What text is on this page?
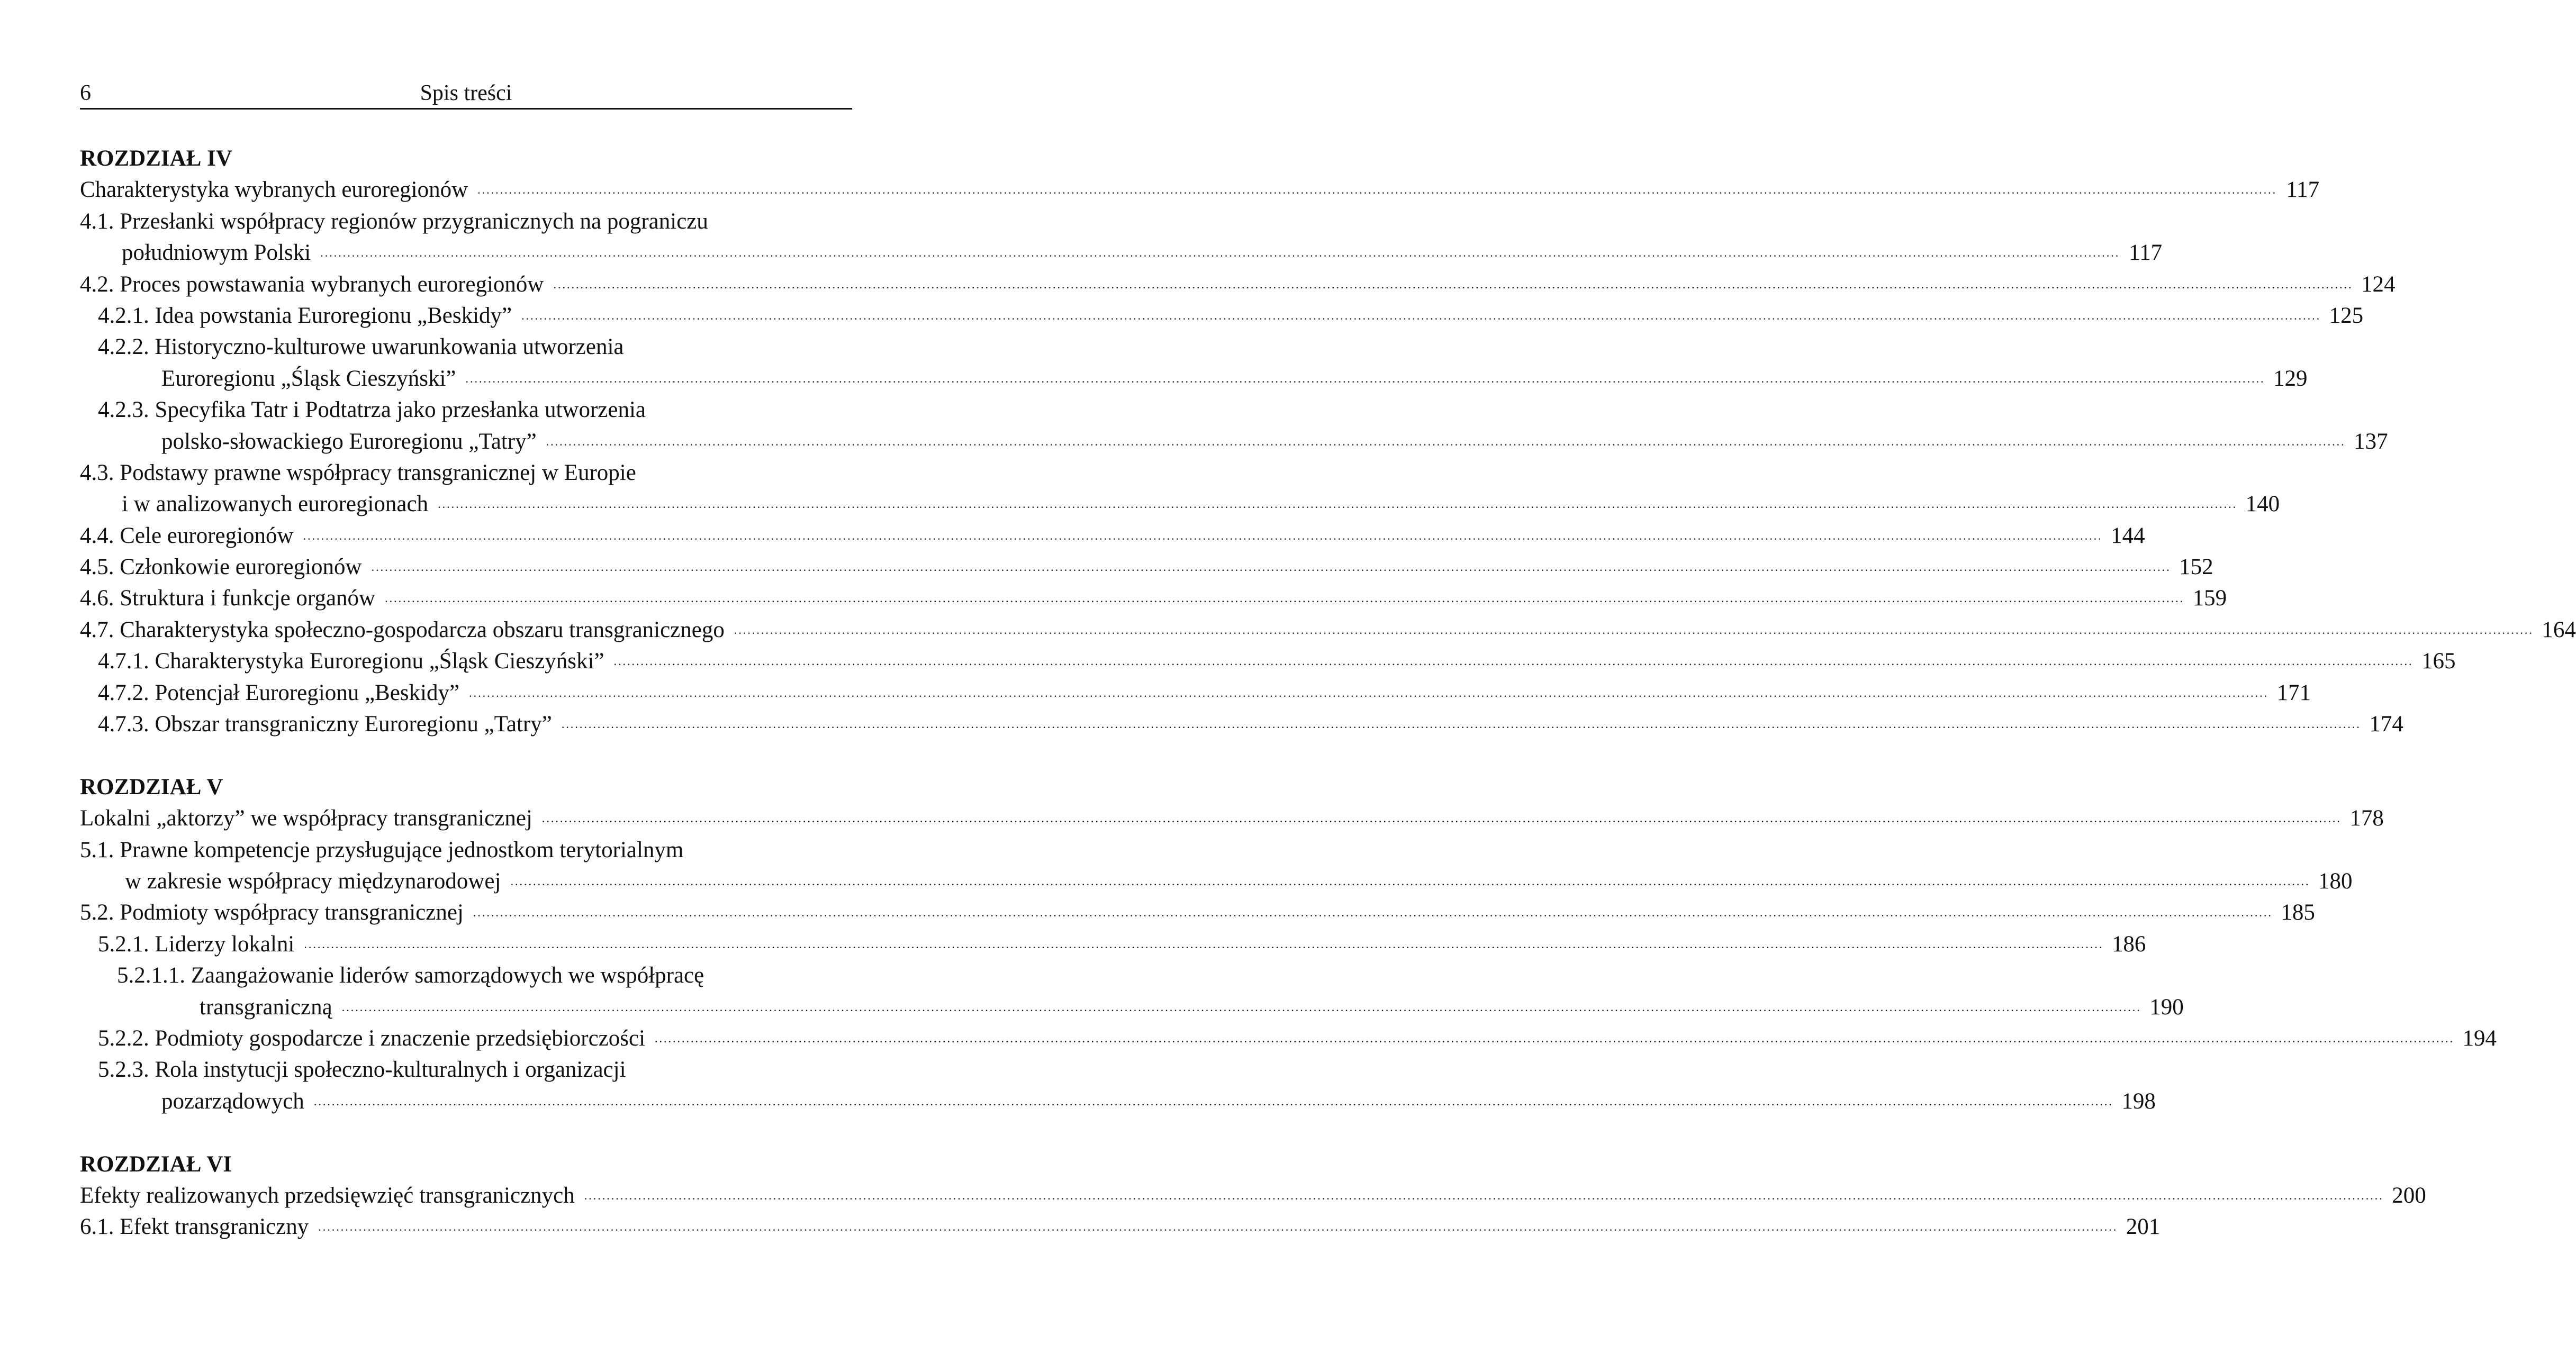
6	Spis treści
ROZDZIAŁ IV
Charakterystyka wybranych euroregionów ................................................................................................................................................................................................................................................................................................................................................................................................................ 117
4.1. Przesłanki współpracy regionów przygranicznych na pograniczu
południowym Polski ................................................................................................................................................................................................................................................................................................................................................................................................................ 117
4.2. Proces powstawania wybranych euroregionów ................................................................................................................................................................................................................................................................................................................................................................................................................ 124
4.2.1. Idea powstania Euroregionu „Beskidy” ................................................................................................................................................................................................................................................................................................................................................................................................................ 125
4.2.2. Historyczno-kulturowe uwarunkowania utworzenia
Euroregionu „Śląsk Cieszyński” ................................................................................................................................................................................................................................................................................................................................................................................................................ 129
4.2.3. Specyfika Tatr i Podtatrza jako przesłanka utworzenia
polsko-słowackiego Euroregionu „Tatry” ................................................................................................................................................................................................................................................................................................................................................................................................................ 137
4.3. Podstawy prawne współpracy transgranicznej w Europie
i w analizowanych euroregionach ................................................................................................................................................................................................................................................................................................................................................................................................................ 140
4.4. Cele euroregionów ................................................................................................................................................................................................................................................................................................................................................................................................................ 144
4.5. Członkowie euroregionów ................................................................................................................................................................................................................................................................................................................................................................................................................ 152
4.6. Struktura i funkcje organów ................................................................................................................................................................................................................................................................................................................................................................................................................ 159
4.7. Charakterystyka społeczno-gospodarcza obszaru transgranicznego ................................................................................................................................................................................................................................................................................................................................................................................................................ 164
4.7.1. Charakterystyka Euroregionu „Śląsk Cieszyński” ................................................................................................................................................................................................................................................................................................................................................................................................................ 165
4.7.2. Potencjał Euroregionu „Beskidy” ................................................................................................................................................................................................................................................................................................................................................................................................................ 171
4.7.3. Obszar transgraniczny Euroregionu „Tatry” ................................................................................................................................................................................................................................................................................................................................................................................................................ 174
ROZDZIAŁ V
Lokalni „aktorzy” we współpracy transgranicznej ................................................................................................................................................................................................................................................................................................................................................................................................................ 178
5.1. Prawne kompetencje przysługujące jednostkom terytorialnym
w zakresie współpracy międzynarodowej ................................................................................................................................................................................................................................................................................................................................................................................................................ 180
5.2. Podmioty współpracy transgranicznej ................................................................................................................................................................................................................................................................................................................................................................................................................ 185
5.2.1. Liderzy lokalni ................................................................................................................................................................................................................................................................................................................................................................................................................ 186
5.2.1.1. Zaangażowanie liderów samorządowych we współpracę
transgraniczną ................................................................................................................................................................................................................................................................................................................................................................................................................ 190
5.2.2. Podmioty gospodarcze i znaczenie przedsiębiorczości ................................................................................................................................................................................................................................................................................................................................................................................................................ 194
5.2.3. Rola instytucji społeczno-kulturalnych i organizacji
pozarządowych ................................................................................................................................................................................................................................................................................................................................................................................................................ 198
ROZDZIAŁ VI
Efekty realizowanych przedsięwzięć transgranicznych ................................................................................................................................................................................................................................................................................................................................................................................................................ 200
6.1. Efekt transgraniczny ................................................................................................................................................................................................................................................................................................................................................................................................................ 201
